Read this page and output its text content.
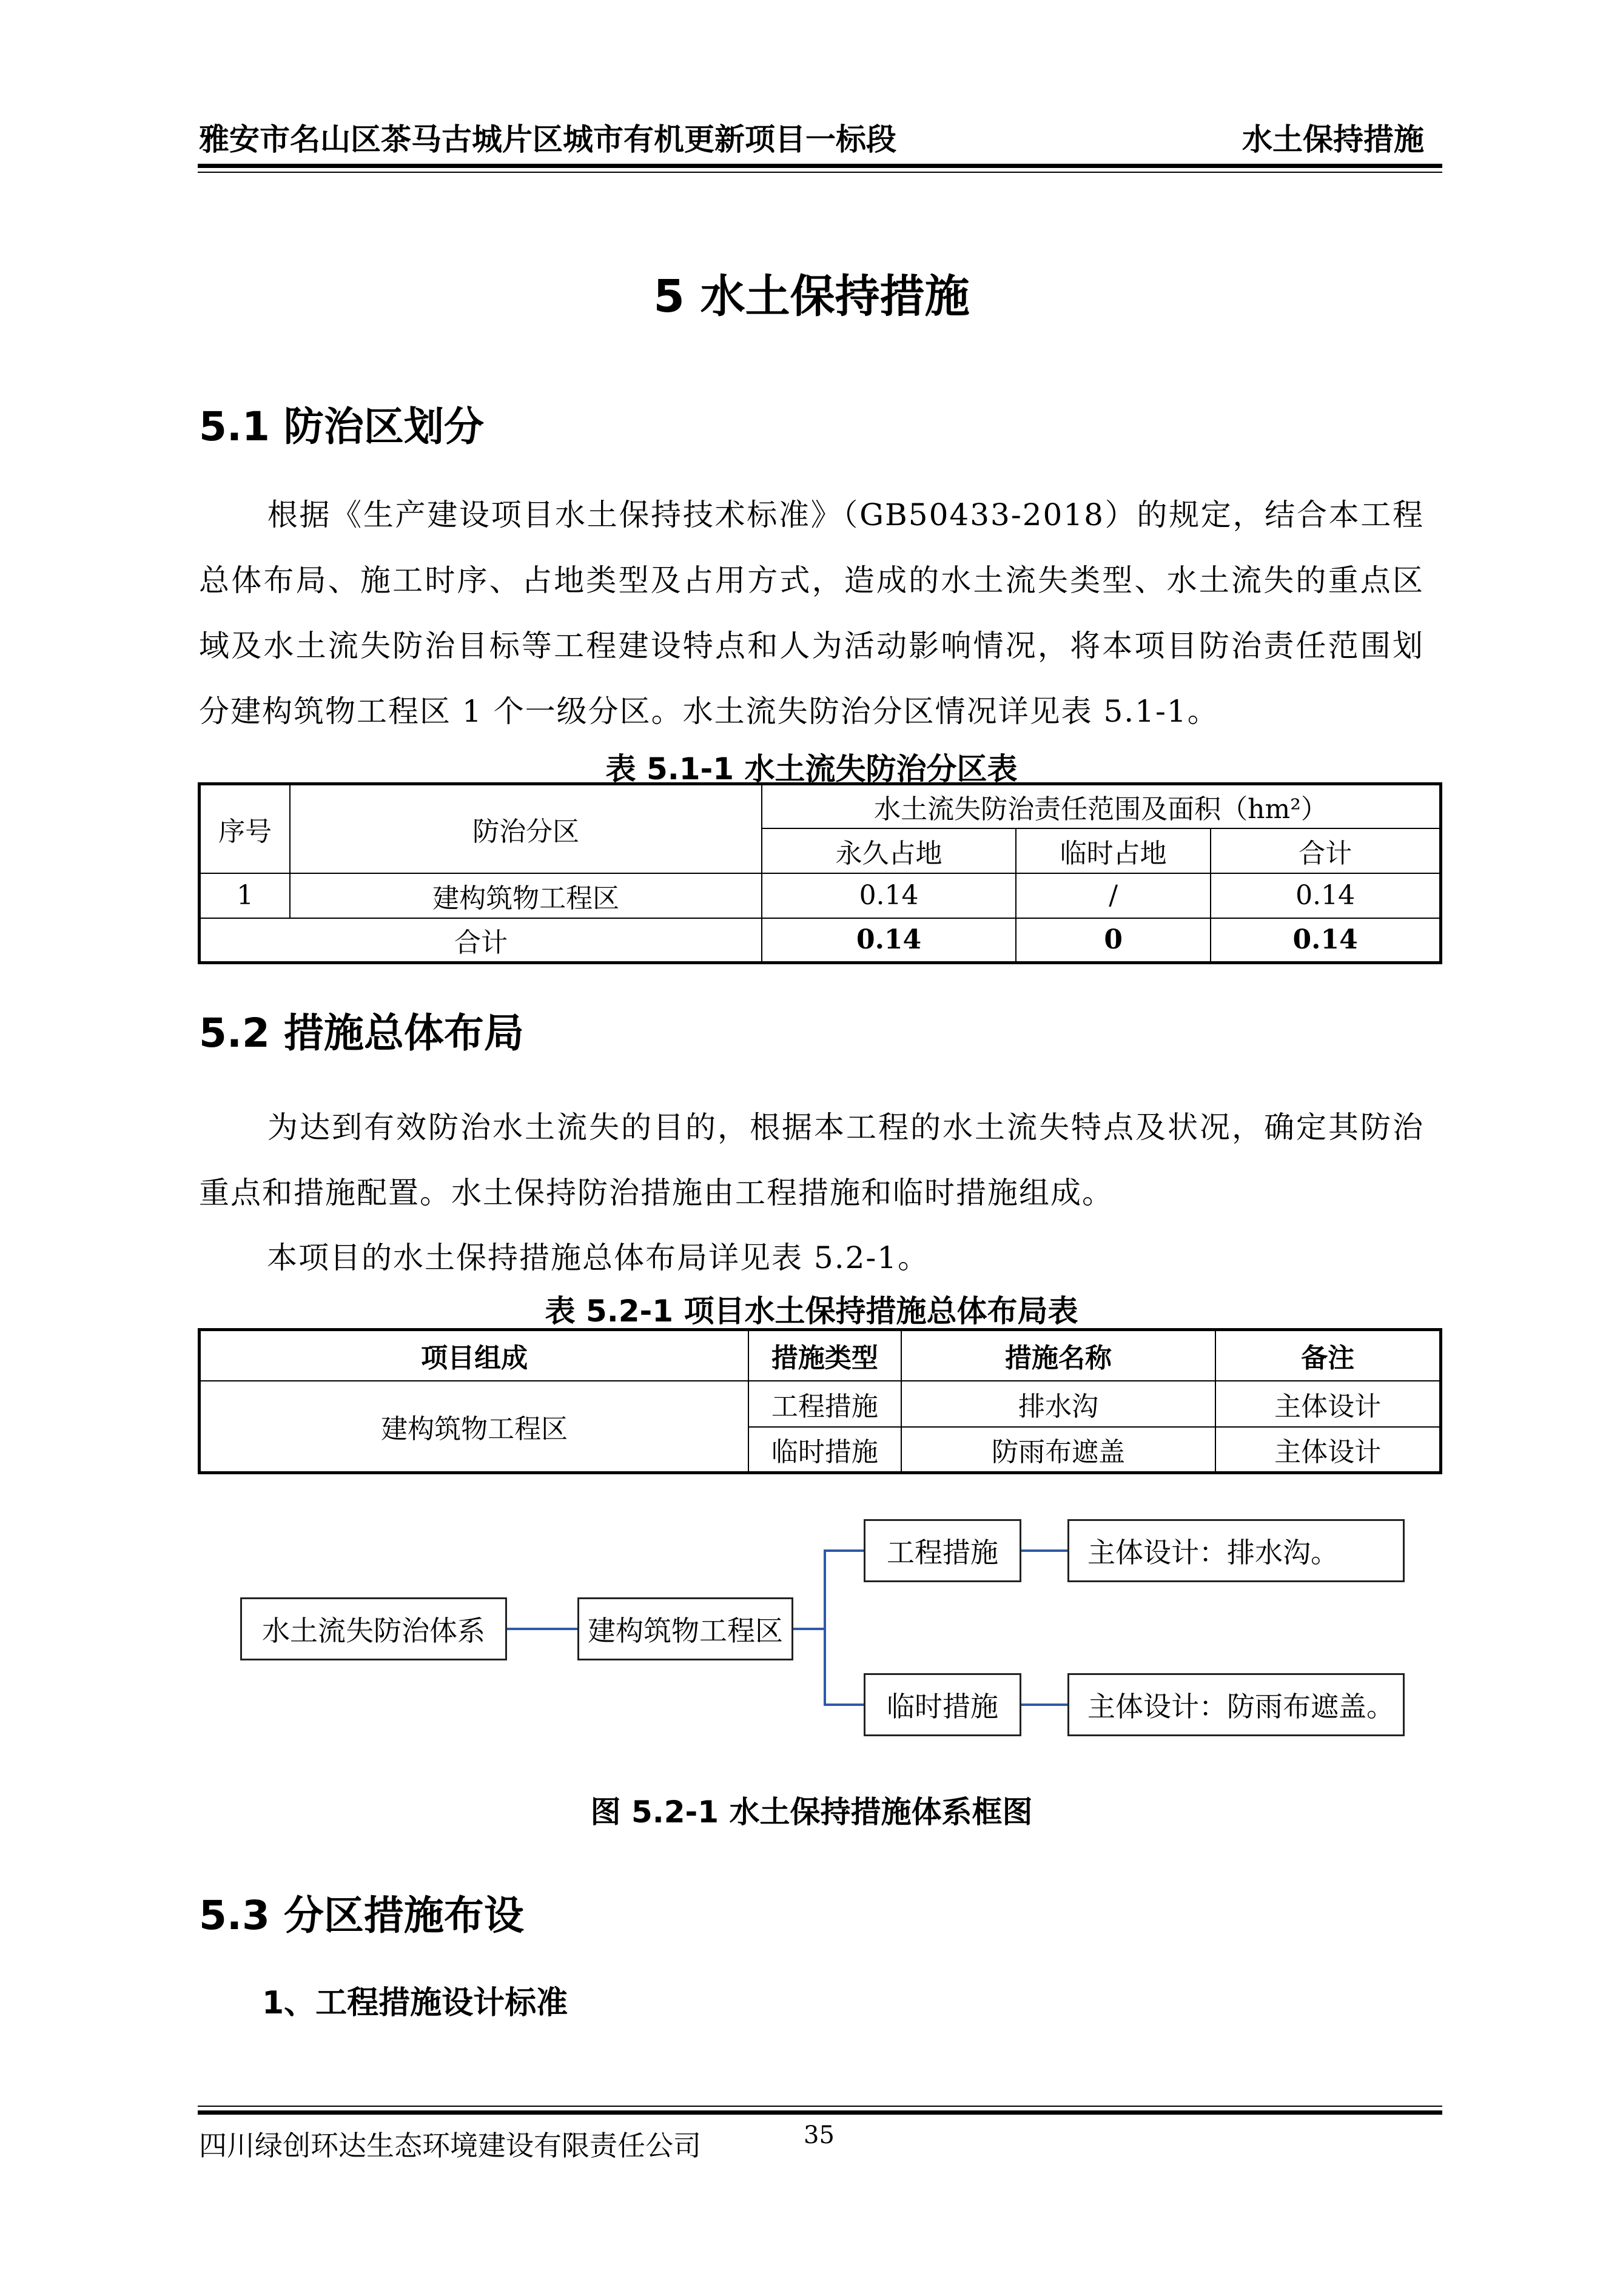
雅安市名山区茶马古城片区城市有机更新项目一标段	水土保持措施
5 水土保持措施
5.1 防治区划分
根据《生产建设项目水土保持技术标准》（GB50433-2018）的规定，结合本工程总体布局、施工时序、占地类型及占用方式，造成的水土流失类型、水土流失的重点区域及水土流失防治目标等工程建设特点和人为活动影响情况，将本项目防治责任范围划分建构筑物工程区 1 个一级分区。水土流失防治分区情况详见表 5.1-1。
表 5.1-1 水土流失防治分区表
序号	防治分区	水土流失防治责任范围及面积（hm²）		
		永久占地	临时占地	合计
1	建构筑物工程区	0.14	/	0.14
合计		0.14	0	0.14
5.2 措施总体布局
为达到有效防治水土流失的目的，根据本工程的水土流失特点及状况，确定其防治重点和措施配置。水土保持防治措施由工程措施和临时措施组成。
本项目的水土保持措施总体布局详见表 5.2-1。
表 5.2-1 项目水土保持措施总体布局表
项目组成	措施类型	措施名称	备注
建构筑物工程区	工程措施	排水沟	主体设计
	临时措施	防雨布遮盖	主体设计
水土流失防治体系	建构筑物工程区
工程措施
临时措施
主体设计：排水沟。
主体设计：防雨布遮盖。
图 5.2-1 水土保持措施体系框图
5.3 分区措施布设
1、工程措施设计标准
四川绿创环达生态环境建设有限责任公司	35
